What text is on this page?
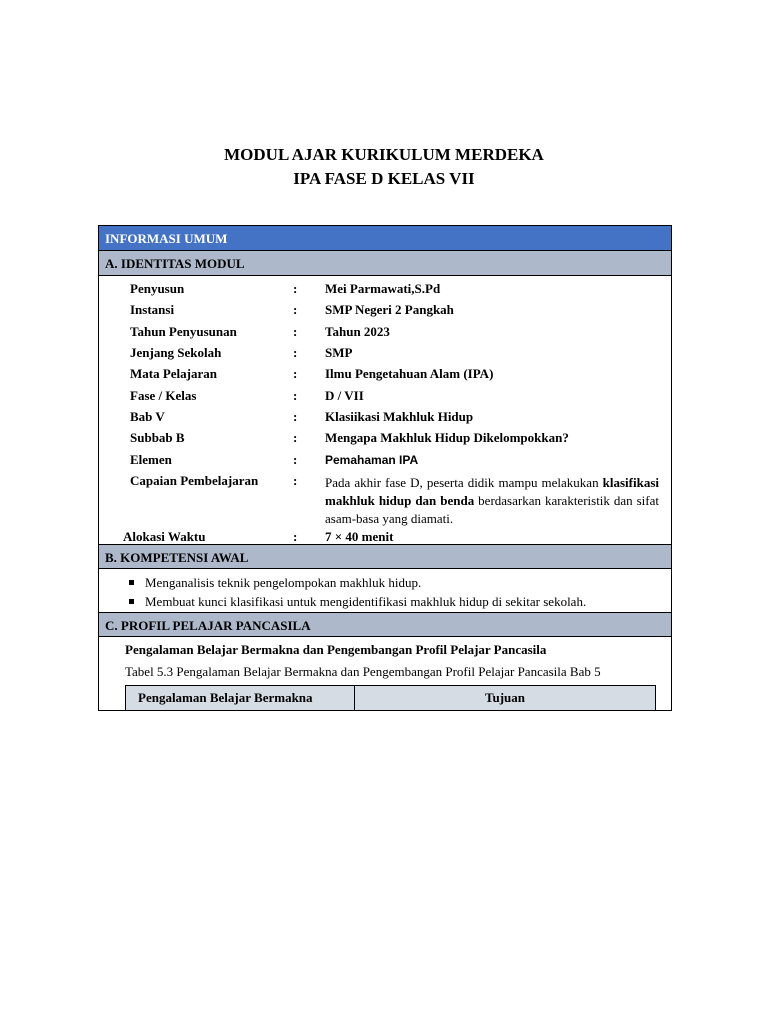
MODUL AJAR KURIKULUM MERDEKA
IPA FASE D KELAS VII
INFORMASI UMUM
A. IDENTITAS MODUL
Penyusun	: Mei Parmawati,S.Pd
Instansi	: SMP Negeri 2 Pangkah
Tahun Penyusunan	: Tahun 2023
Jenjang Sekolah	: SMP
Mata Pelajaran	: Ilmu Pengetahuan Alam (IPA)
Fase / Kelas	: D / VII
Bab V	: Klasiikasi Makhluk Hidup
Subbab B	: Mengapa Makhluk Hidup Dikelompokkan?
Elemen	: Pemahaman IPA
Capaian Pembelajaran	: Pada akhir fase D, peserta didik mampu melakukan klasifikasi makhluk hidup dan benda berdasarkan karakteristik dan sifat asam-basa yang diamati.
Alokasi Waktu	: 7 × 40 menit
B. KOMPETENSI AWAL
Menganalisis teknik pengelompokan makhluk hidup.
Membuat kunci klasifikasi untuk mengidentifikasi makhluk hidup di sekitar sekolah.
C. PROFIL PELAJAR PANCASILA
Pengalaman Belajar Bermakna dan Pengembangan Profil Pelajar Pancasila
Tabel 5.3 Pengalaman Belajar Bermakna dan Pengembangan Profil Pelajar Pancasila Bab 5
Pengalaman Belajar Bermakna	Tujuan
